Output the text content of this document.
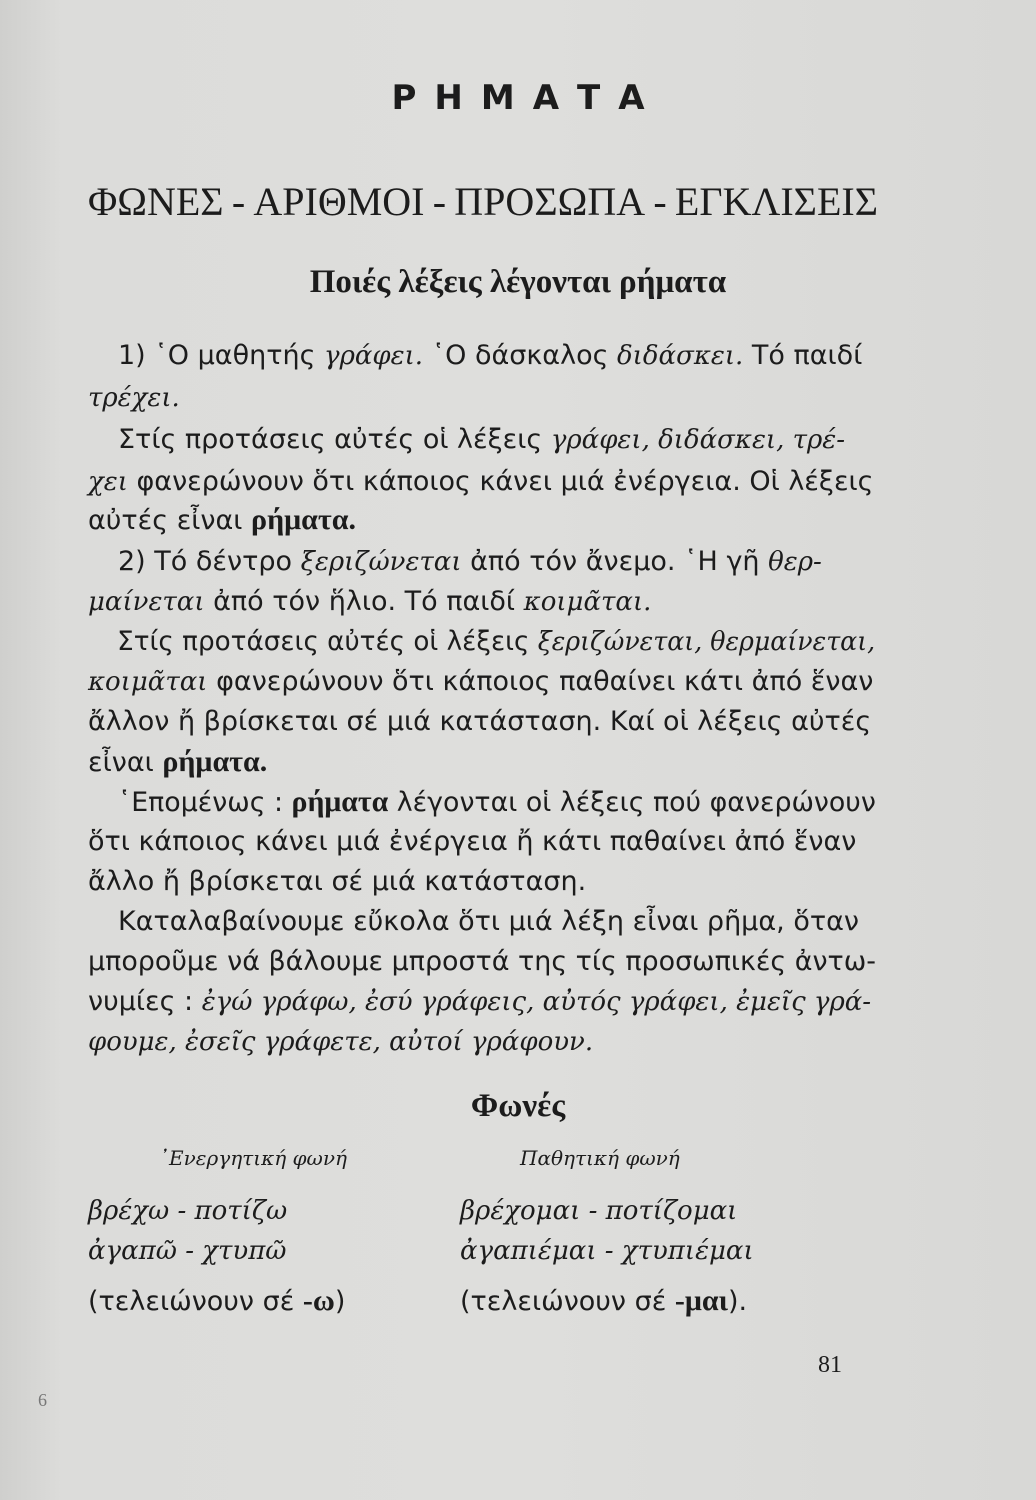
ΡΗΜΑΤΑ
ΦΩΝΕΣ - ΑΡΙΘΜΟΙ - ΠΡΟΣΩΠΑ - ΕΓΚΛΙΣΕΙΣ
Ποιές λέξεις λέγονται ρήματα
1) ῾Ο μαθητής γράφει. ῾Ο δάσκαλος διδάσκει. Τό παιδί
τρέχει.
Στίς προτάσεις αὐτές οἱ λέξεις γράφει, διδάσκει, τρέ-
χει φανερώνουν ὅτι κάποιος κάνει μιά ἐνέργεια. Οἱ λέξεις
αὐτές εἶναι ρήματα.
2) Τό δέντρο ξεριζώνεται ἀπό τόν ἄνεμο. ῾Η γῆ θερ-
μαίνεται ἀπό τόν ἥλιο. Τό παιδί κοιμᾶται.
Στίς προτάσεις αὐτές οἱ λέξεις ξεριζώνεται, θερμαίνεται,
κοιμᾶται φανερώνουν ὅτι κάποιος παθαίνει κάτι ἀπό ἕναν
ἄλλον ἤ βρίσκεται σέ μιά κατάσταση. Καί οἱ λέξεις αὐτές
εἶναι ρήματα.
῾Επομένως : ρήματα λέγονται οἱ λέξεις πού φανερώνουν
ὅτι κάποιος κάνει μιά ἐνέργεια ἤ κάτι παθαίνει ἀπό ἕναν
ἄλλο ἤ βρίσκεται σέ μιά κατάσταση.
Καταλαβαίνουμε εὔκολα ὅτι μιά λέξη εἶναι ρῆμα, ὅταν
μποροῦμε νά βάλουμε μπροστά της τίς προσωπικές ἀντω-
νυμίες : ἐγώ γράφω, ἐσύ γράφεις, αὐτός γράφει, ἐμεῖς γρά-
φουμε, ἐσεῖς γράφετε, αὐτοί γράφουν.
Φωνές
᾿Ενεργητική φωνή
βρέχω - ποτίζω
ἀγαπῶ - χτυπῶ
(τελειώνουν σέ -ω)
Παθητική φωνή
βρέχομαι - ποτίζομαι
ἀγαπιέμαι - χτυπιέμαι
(τελειώνουν σέ -μαι).
81
6
